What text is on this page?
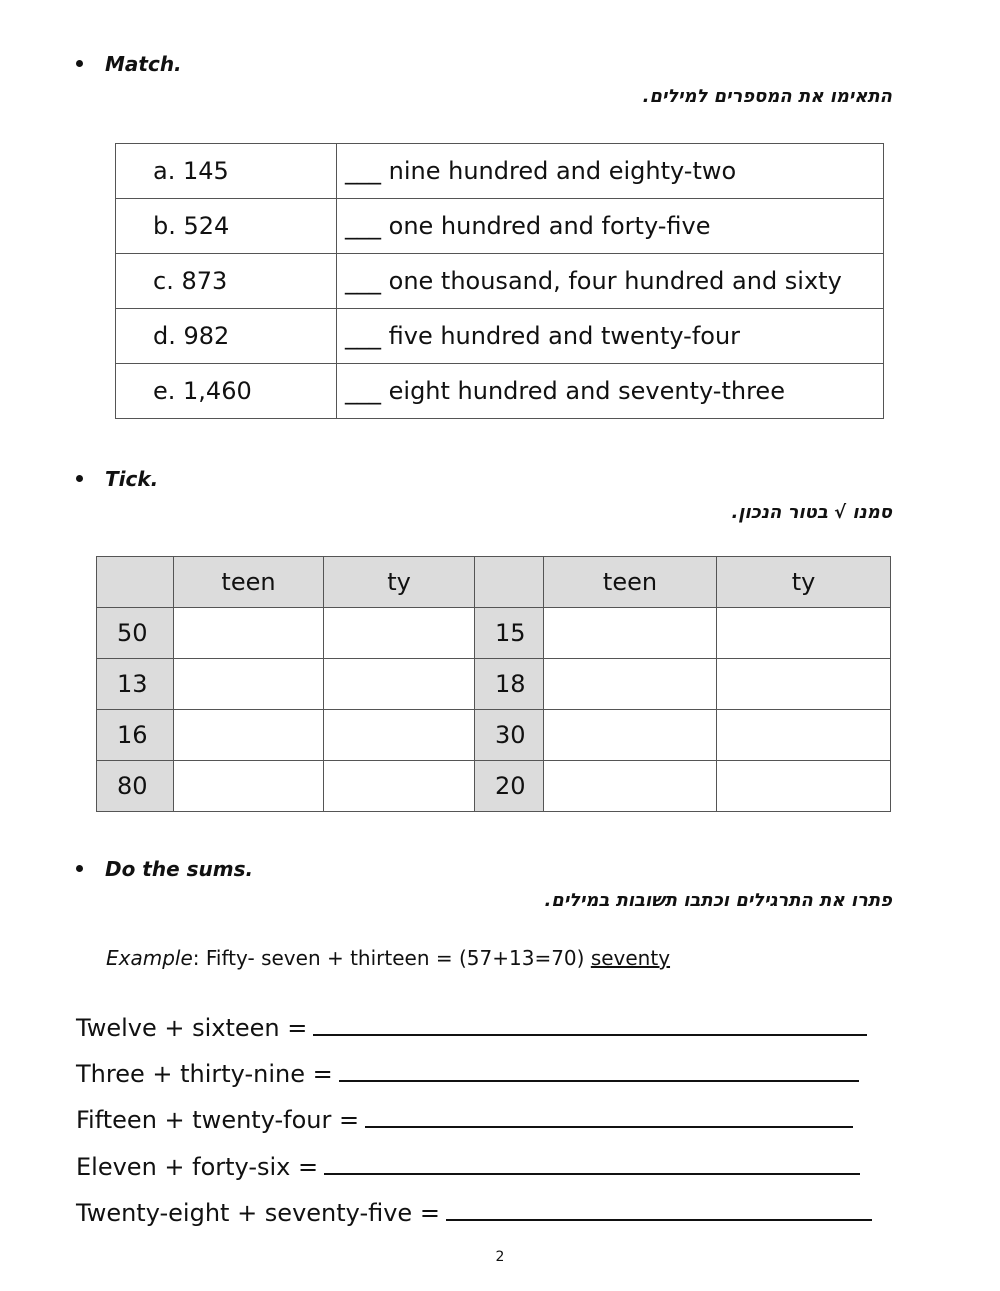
Match.
התאימו את המספרים למילים.
a. 145	___ nine hundred and eighty-two
b. 524	___ one hundred and forty-five
c. 873	___ one thousand, four hundred and sixty
d. 982	___ five hundred and twenty-four
e. 1,460	___ eight hundred and seventy-three
Tick.
סמנו √ בטור הנכון.
	teen	ty		teen	ty
50			15		
13			18		
16			30		
80			20		
Do the sums.
פתרו את התרגילים וכתבו תשובות במילים.
Example: Fifty- seven + thirteen = (57+13=70) seventy
Twelve + sixteen =
Three + thirty-nine =
Fifteen + twenty-four =
Eleven + forty-six =
Twenty-eight + seventy-five =
2
